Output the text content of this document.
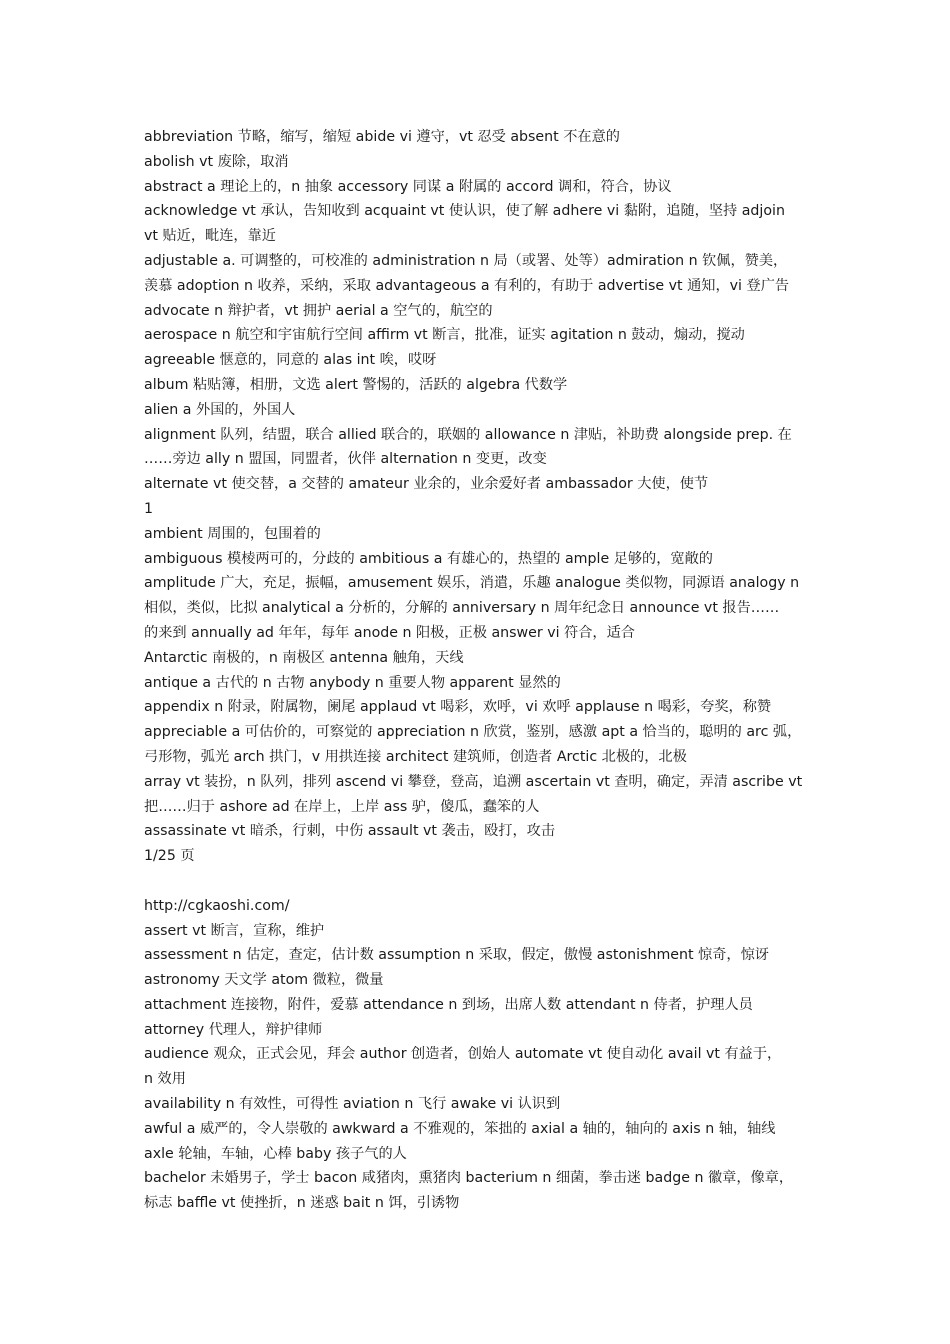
abbreviation 节略，缩写，缩短 abide vi 遵守，vt 忍受 absent 不在意的
abolish vt 废除，取消
abstract a 理论上的，n 抽象 accessory 同谋 a 附属的 accord 调和，符合，协议
acknowledge vt 承认，告知收到 acquaint vt 使认识，使了解 adhere vi 黏附，追随，坚持 adjoin
vt 贴近，毗连，靠近
adjustable a. 可调整的，可校准的 administration n 局（或署、处等）admiration n 钦佩，赞美，
羡慕 adoption n 收养，采纳，采取 advantageous a 有利的，有助于 advertise vt 通知，vi 登广告
advocate n 辩护者，vt 拥护 aerial a 空气的，航空的
aerospace n 航空和宇宙航行空间 affirm vt 断言，批准，证实 agitation n 鼓动，煽动，搅动
agreeable 惬意的，同意的 alas int 唉，哎呀
album 粘贴簿，相册，文选 alert 警惕的，活跃的 algebra 代数学
alien a 外国的，外国人
alignment 队列，结盟，联合 allied 联合的，联姻的 allowance n 津贴，补助费 alongside prep. 在
……旁边 ally n 盟国，同盟者，伙伴 alternation n 变更，改变
alternate vt 使交替，a 交替的 amateur 业余的，业余爱好者 ambassador 大使，使节
1
ambient 周围的，包围着的
ambiguous 模棱两可的，分歧的 ambitious a 有雄心的，热望的 ample 足够的，宽敞的
amplitude 广大，充足，振幅，amusement 娱乐，消遣，乐趣 analogue 类似物，同源语 analogy n
相似，类似，比拟 analytical a 分析的，分解的 anniversary n 周年纪念日 announce vt 报告……
的来到 annually ad 年年，每年 anode n 阳极，正极 answer vi 符合，适合
Antarctic 南极的，n 南极区 antenna 触角，天线
antique a 古代的 n 古物 anybody n 重要人物 apparent 显然的
appendix n 附录，附属物，阑尾 applaud vt 喝彩，欢呼，vi 欢呼 applause n 喝彩，夸奖，称赞
appreciable a 可估价的，可察觉的 appreciation n 欣赏，鉴别，感激 apt a 恰当的，聪明的 arc 弧，
弓形物，弧光 arch 拱门，v 用拱连接 architect 建筑师，创造者 Arctic 北极的，北极
array vt 装扮，n 队列，排列 ascend vi 攀登，登高，追溯 ascertain vt 查明，确定，弄清 ascribe vt
把……归于 ashore ad 在岸上，上岸 ass 驴，傻瓜，蠢笨的人
assassinate vt 暗杀，行刺，中伤 assault vt 袭击，殴打，攻击
1/25 页
http://cgkaoshi.com/
assert vt 断言，宣称，维护
assessment n 估定，查定，估计数 assumption n 采取，假定，傲慢 astonishment 惊奇，惊讶
astronomy 天文学 atom 微粒，微量
attachment 连接物，附件，爱慕 attendance n 到场，出席人数 attendant n 侍者，护理人员
attorney 代理人，辩护律师
audience 观众，正式会见，拜会 author 创造者，创始人 automate vt 使自动化 avail vt 有益于，
n 效用
availability n 有效性，可得性 aviation n 飞行 awake vi 认识到
awful a 威严的，令人崇敬的 awkward a 不雅观的，笨拙的 axial a 轴的，轴向的 axis n 轴，轴线
axle 轮轴，车轴，心棒 baby 孩子气的人
bachelor 未婚男子，学士 bacon 咸猪肉，熏猪肉 bacterium n 细菌，拳击迷 badge n 徽章，像章，
标志 baffle vt 使挫折，n 迷惑 bait n 饵，引诱物
